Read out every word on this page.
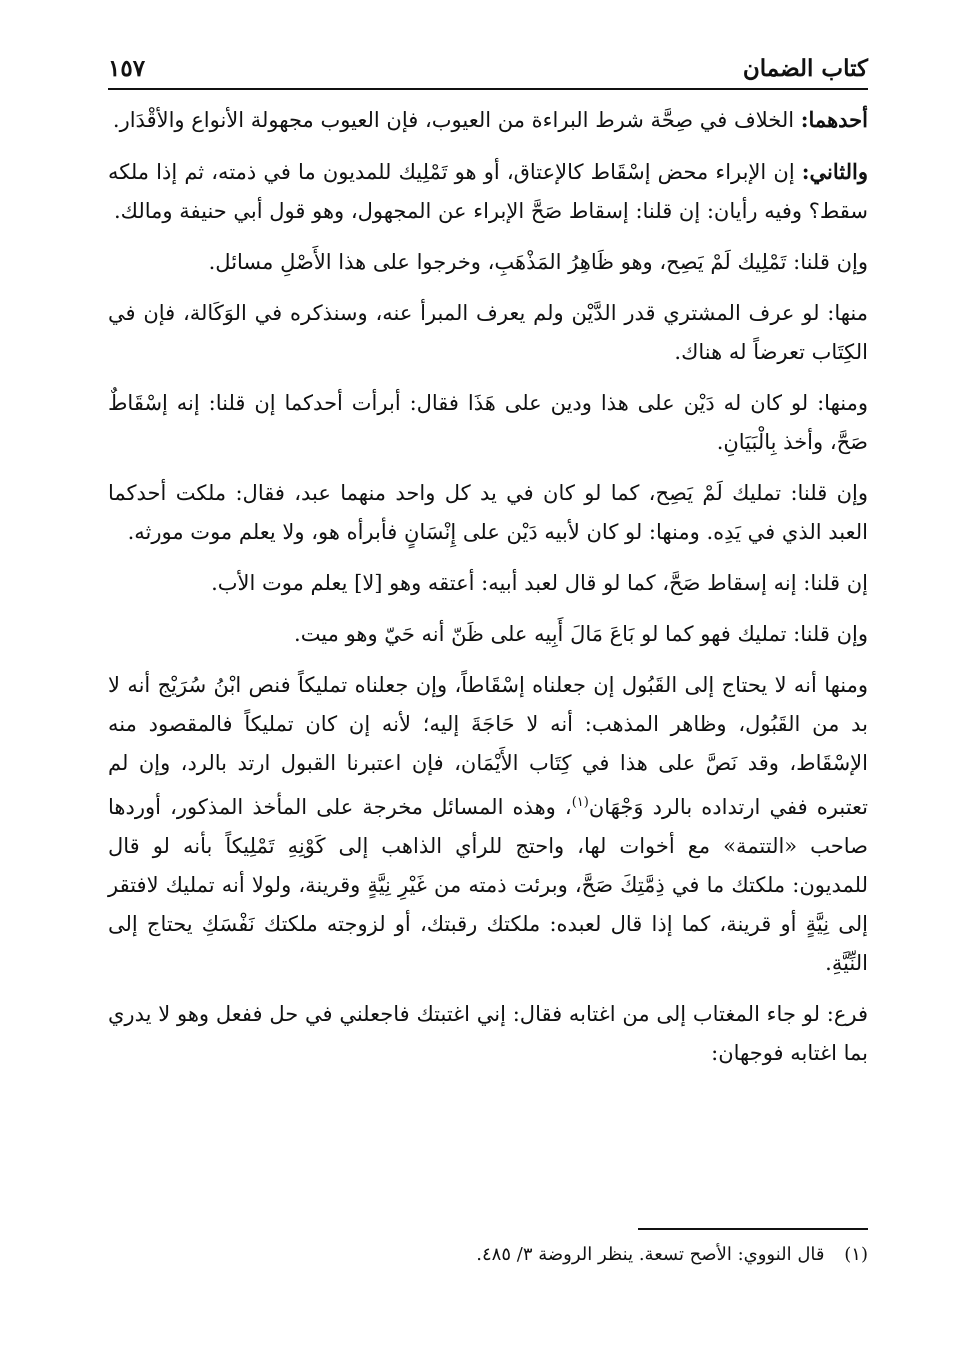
كتاب الضمان
١٥٧

أحدهما: الخلاف في صِحَّة شرط البراءة من العيوب، فإن العيوب مجهولة الأنواع والأقْدَار.

والثاني: إن الإبراء محض إسْقَاط كالإعتاق، أو هو تَمْلِيك للمديون ما في ذمته، ثم إذا ملكه سقط؟ وفيه رأيان: إن قلنا: إسقاط صَحَّ الإبراء عن المجهول، وهو قول أبي حنيفة ومالك.

وإن قلنا: تَمْلِيك لَمْ يَصِح، وهو ظَاهِرُ المَذْهَبِ، وخرجوا على هذا الأَصْلِ مسائل.

منها: لو عرف المشتري قدر الدَّيْن ولم يعرف المبرأ عنه، وسنذكره في الوَكَالة، فإن في الكِتَاب تعرضاً له هناك.

ومنها: لو كان له دَيْن على هذا ودين على هَذَا فقال: أبرأت أحدكما إن قلنا: إنه إسْقَاطٌ صَحَّ، وأخذ بِالْبَيَانِ.

وإن قلنا: تمليك لَمْ يَصِح، كما لو كان في يد كل واحد منهما عبد، فقال: ملكت أحدكما العبد الذي في يَدِه. ومنها: لو كان لأبيه دَيْن على إِنْسَانٍ فأبرأه هو، ولا يعلم موت مورثه.

إن قلنا: إنه إسقاط صَحَّ، كما لو قال لعبد أبيه: أعتقه وهو [لا] يعلم موت الأب.

وإن قلنا: تمليك فهو كما لو بَاعَ مَالَ أَبِيه على ظَنّ أنه حَيّ وهو ميت.

ومنها أنه لا يحتاج إلى القَبُول إن جعلناه إسْقَاطاً، وإن جعلناه تمليكاً فنص ابْنُ سُرَيْج أنه لا بد من القَبُول، وظاهر المذهب: أنه لا حَاجَةَ إليه؛ لأنه إن كان تمليكاً فالمقصود منه الإسْقَاط، وقد نَصَّ على هذا في كِتَاب الأَيْمَان، فإن اعتبرنا القبول ارتد بالرد، وإن لم تعتبره ففي ارتداده بالرد وَجْهَان$^{(١)}$، وهذه المسائل مخرجة على المأخذ المذكور، أوردها صاحب «التتمة» مع أخوات لها، واحتج للرأي الذاهب إلى كَوْنِهِ تَمْلِيكاً بأنه لو قال للمديون: ملكتك ما في ذِمَّتِكَ صَحَّ، وبرئت ذمته من غَيْرِ نِيَّةٍ وقرينة، ولولا أنه تمليك لافتقر إلى نِيَّةٍ أو قرينة، كما إذا قال لعبده: ملكتك رقبتك، أو لزوجته ملكتك نَفْسَكِ يحتاج إلى النِّيَّةِ.

فرع: لو جاء المغتاب إلى من اغتابه فقال: إني اغتبتك فاجعلني في حل ففعل وهو لا يدري بما اغتابه فوجهان:

(١) قال النووي: الأصح تسعة. ينظر الروضة ٣/ ٤٨٥.
